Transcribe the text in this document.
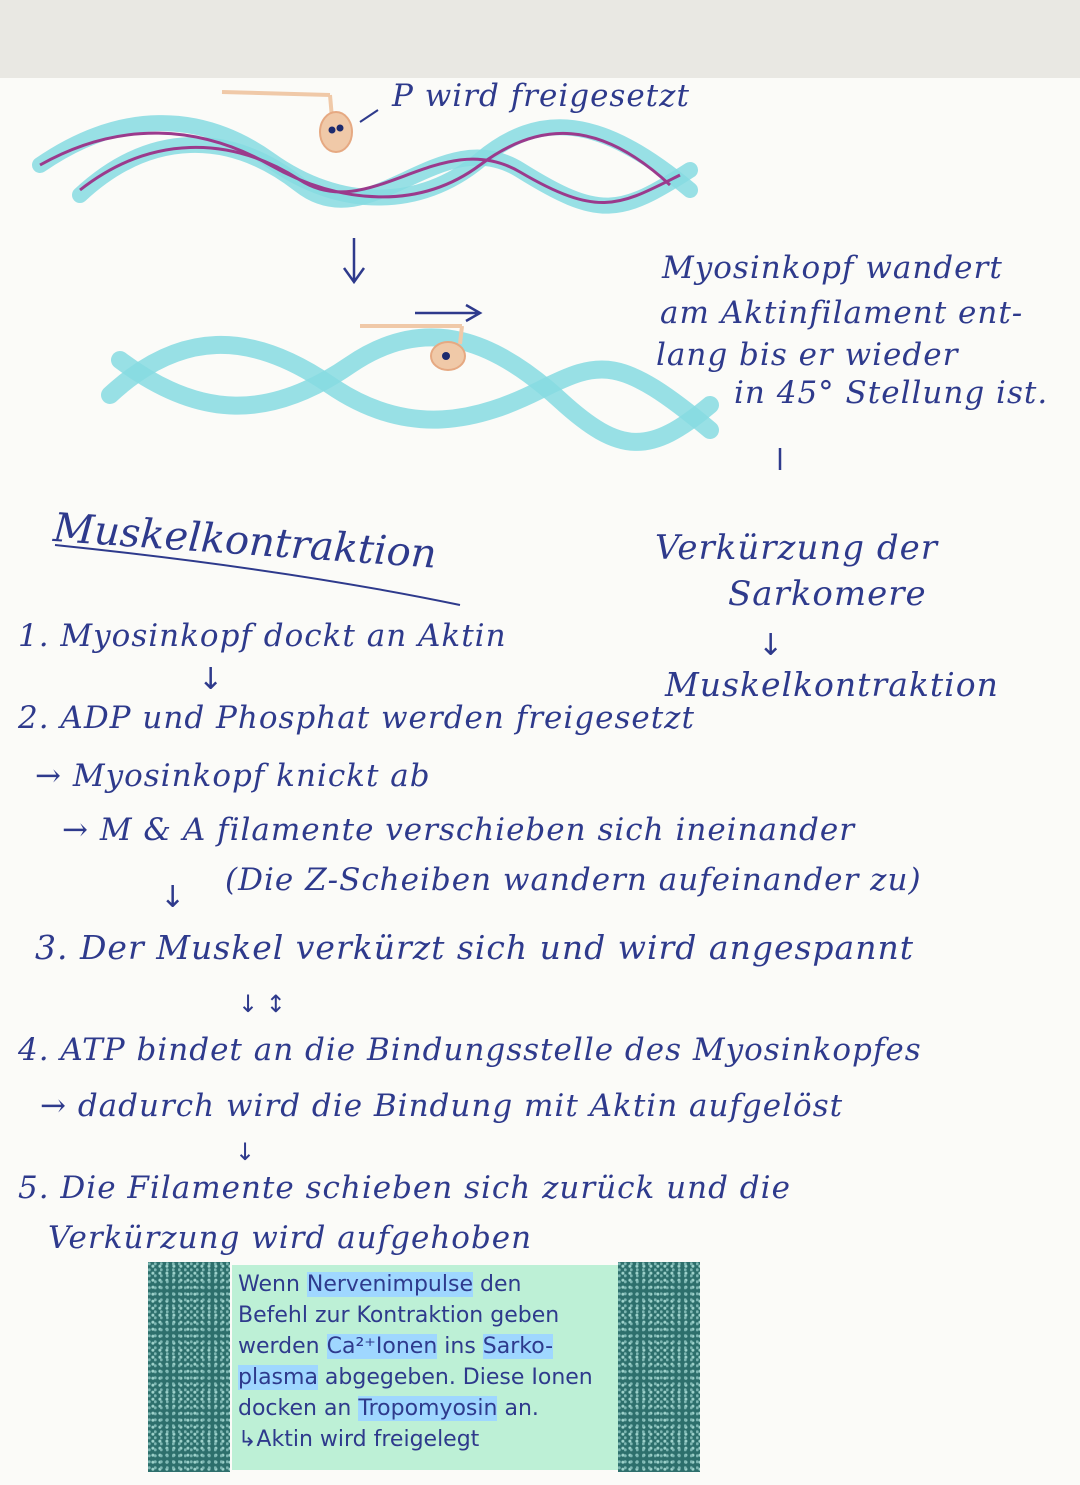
P wird freigesetzt
Myosinkopf wandert
am Aktinfilament ent-
lang bis er wieder
in 45° Stellung ist.
Verkürzung der
Sarkomere
↓
Muskelkontraktion
Muskelkontraktion
1. Myosinkopf dockt an Aktin
↓
2. ADP und Phosphat werden freigesetzt
→ Myosinkopf knickt ab
→ M & A filamente verschieben sich ineinander
(Die Z-Scheiben wandern aufeinander zu)
↓
3. Der Muskel verkürzt sich und wird angespannt
↓ ↕
4. ATP bindet an die Bindungsstelle des Myosinkopfes
→ dadurch wird die Bindung mit Aktin aufgelöst
↓
5. Die Filamente schieben sich zurück und die
Verkürzung wird aufgehoben
Wenn Nervenimpulse den
Befehl zur Kontraktion geben
werden Ca²⁺Ionen ins Sarko-
plasma abgegeben. Diese Ionen
docken an Tropomyosin an.
↳Aktin wird freigelegt
